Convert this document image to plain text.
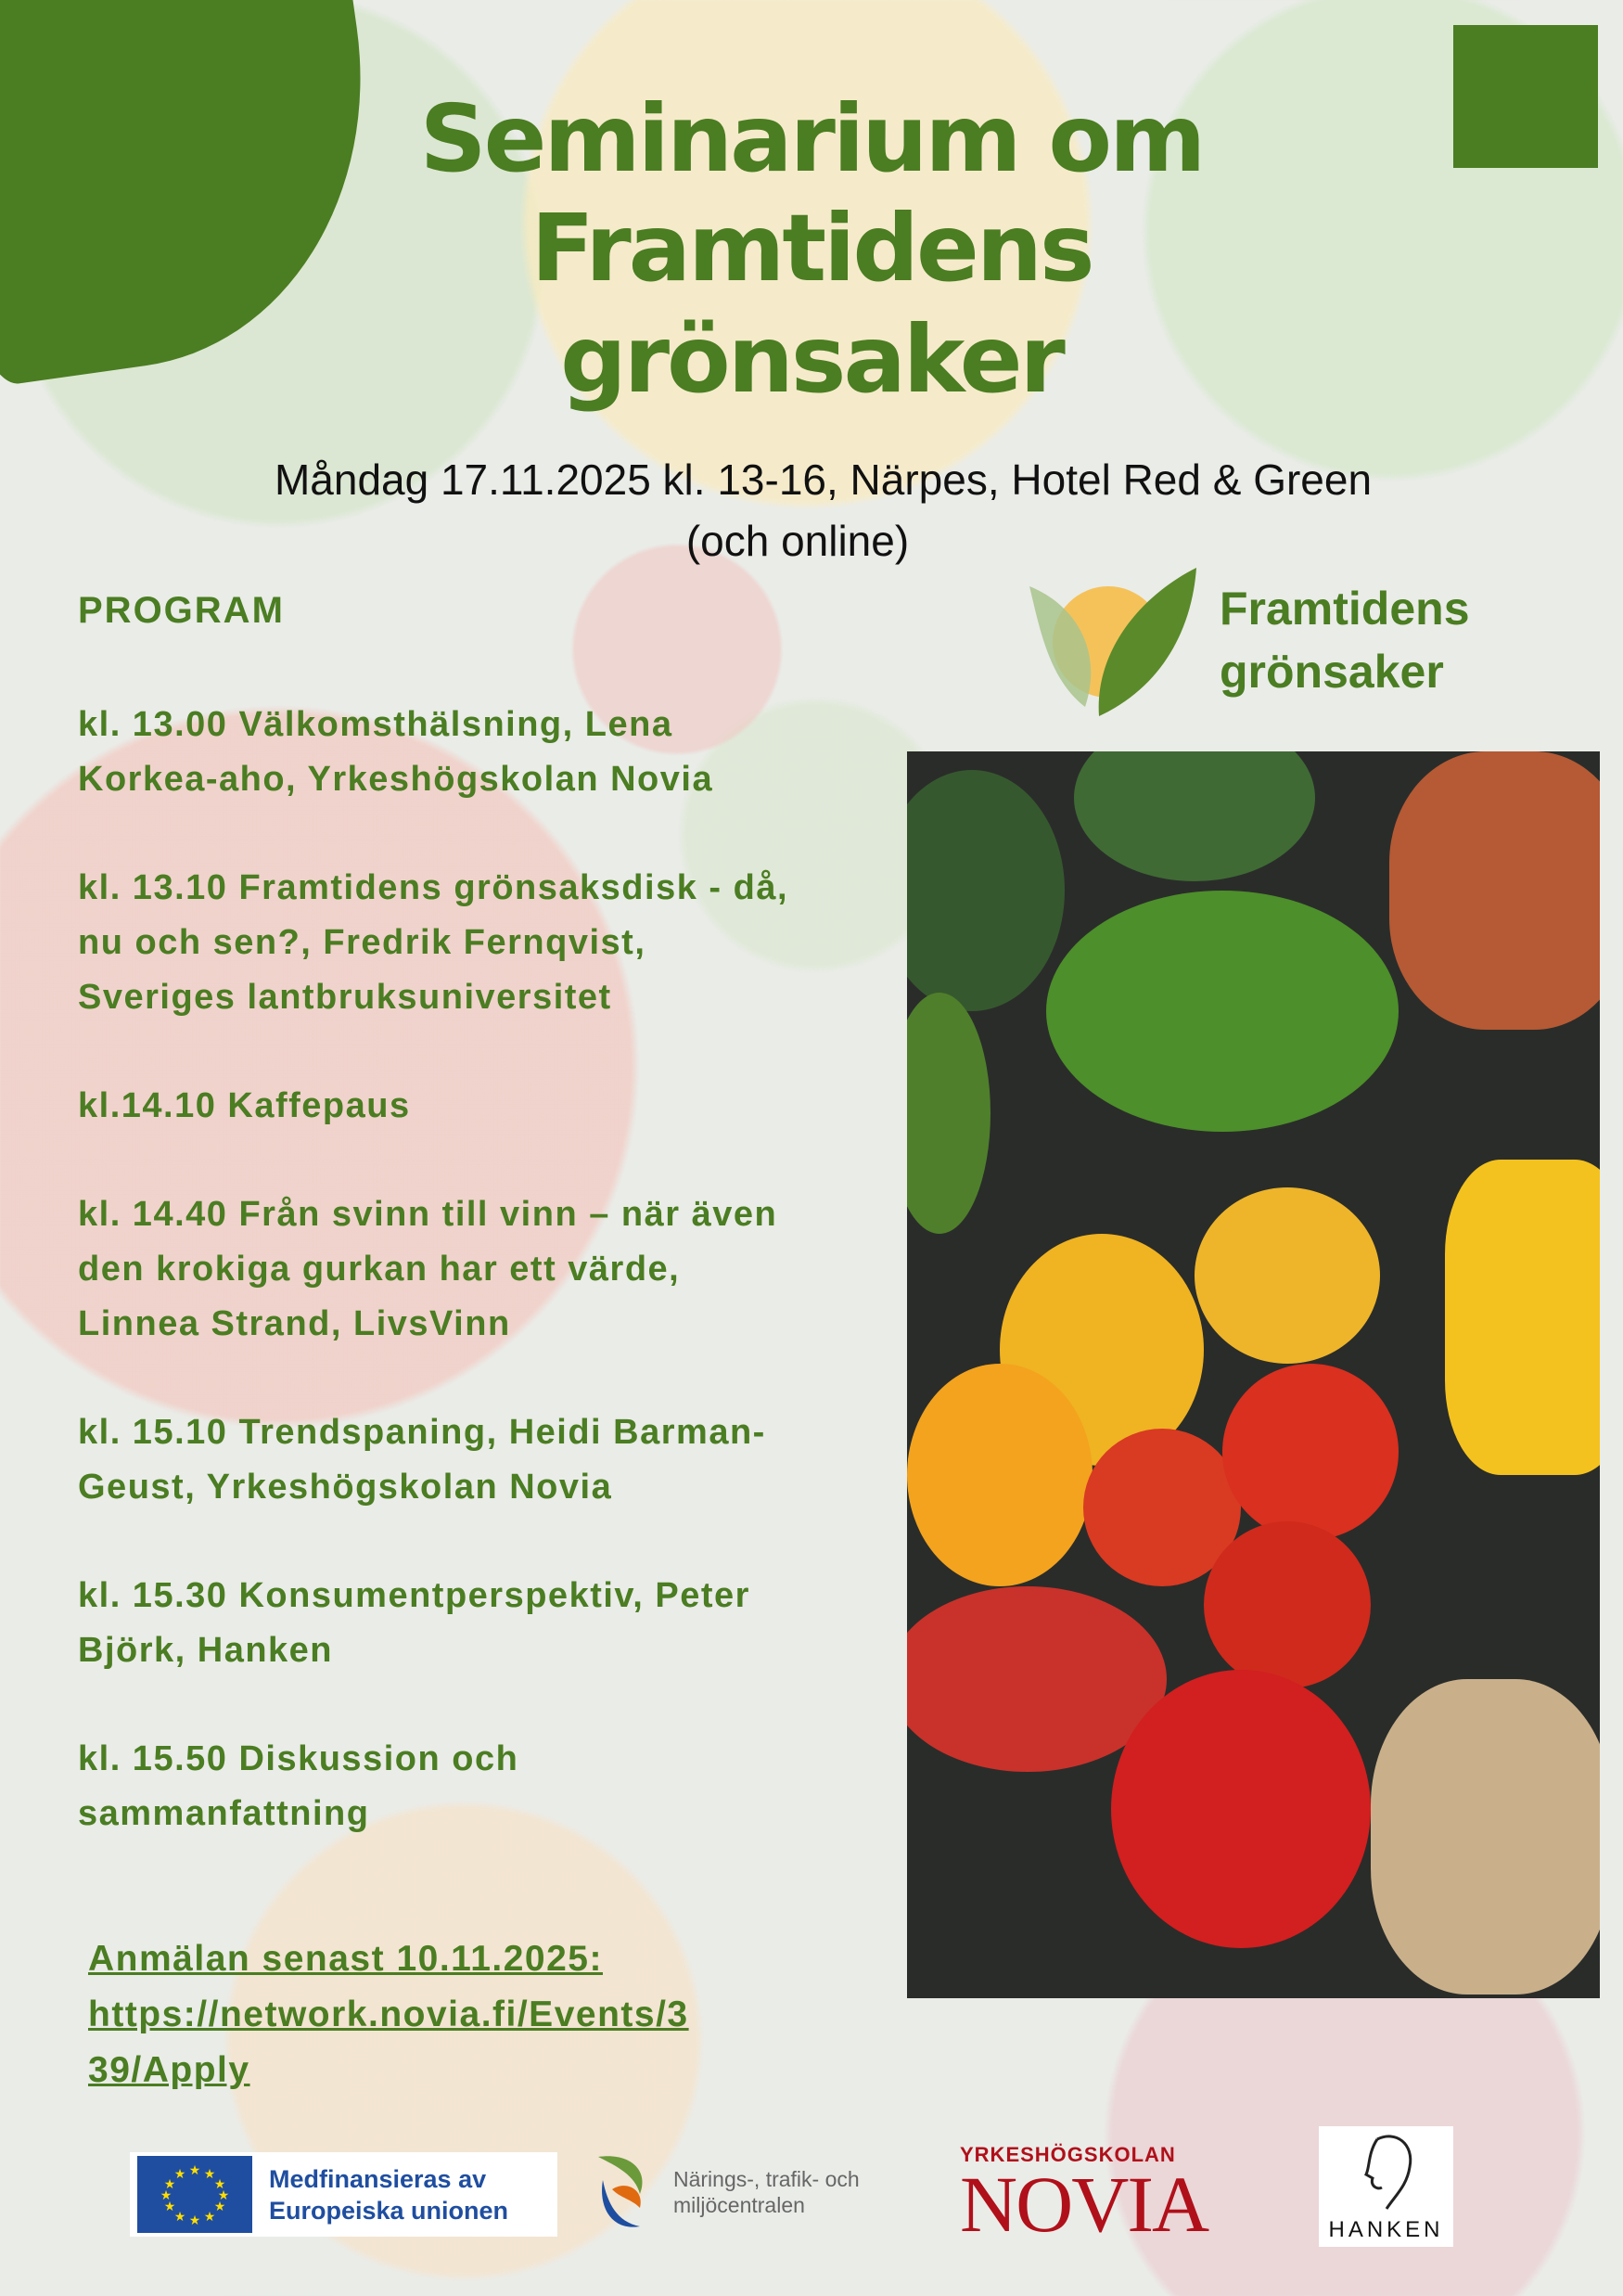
Seminarium om
Framtidens
grönsaker
Måndag 17.11.2025 kl. 13-16, Närpes, Hotel Red & Green
(och online)
PROGRAM
kl. 13.00 Välkomsthälsning, Lena
Korkea-aho, Yrkeshögskolan Novia
kl. 13.10 Framtidens grönsaksdisk - då,
nu och sen?, Fredrik Fernqvist,
Sveriges lantbruksuniversitet
kl.14.10 Kaffepaus
kl. 14.40 Från svinn till vinn – när även
den krokiga gurkan har ett värde,
Linnea Strand, LivsVinn
kl. 15.10 Trendspaning, Heidi Barman-
Geust, Yrkeshögskolan Novia
kl. 15.30 Konsumentperspektiv, Peter
Björk, Hanken
kl. 15.50 Diskussion och
sammanfattning
Framtidens
grönsaker
Anmälan senast 10.11.2025:
https://network.novia.fi/Events/3
39/Apply
★ ★
★
★
★
★
★
★
★
★
★
★	Medfinansieras av
Europeiska unionen
Närings-, trafik- och
miljöcentralen
YRKESHÖGSKOLAN
NOVIA	HANKEN
